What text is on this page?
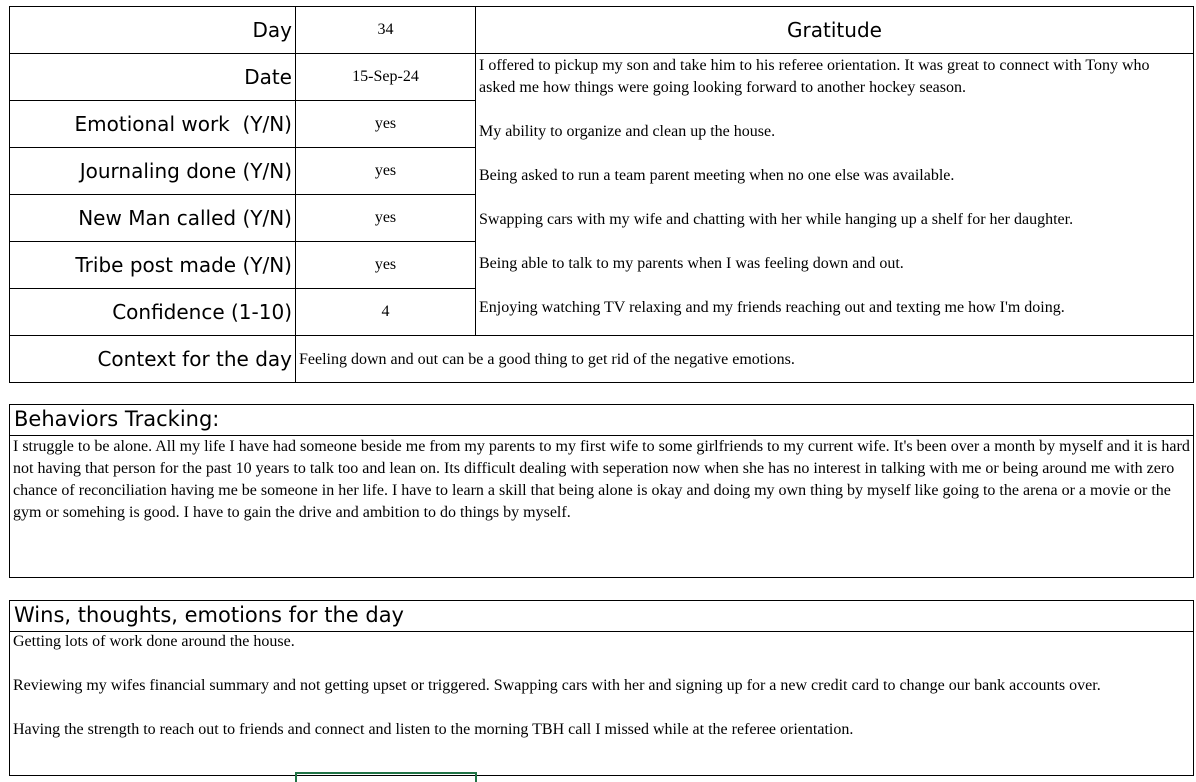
Day	34
Date	15-Sep-24
Emotional work  (Y/N)	yes
Journaling done (Y/N)	yes
New Man called (Y/N)	yes
Tribe post made (Y/N)	yes
Confidence (1-10)	4
Gratitude
I offered to pickup my son and take him to his referee orientation. It was great to connect with Tony who asked me how things were going looking forward to another hockey season.
My ability to organize and clean up the house.
Being asked to run a team parent meeting when no one else was available.
Swapping cars with my wife and chatting with her while hanging up a shelf for her daughter.
Being able to talk to my parents when I was feeling down and out.
Enjoying watching TV relaxing and my friends reaching out and texting me how I'm doing.
Context for the day Feeling down and out can be a good thing to get rid of the negative emotions.
Behaviors Tracking:
I struggle to be alone. All my life I have had someone beside me from my parents to my first wife to some girlfriends to my current wife. It's been over a month by myself and it is hard not having that person for the past 10 years to talk too and lean on. Its difficult dealing with seperation now when she has no interest in talking with me or being around me with zero chance of reconciliation having me be someone in her life. I have to learn a skill that being alone is okay and doing my own thing by myself like going to the arena or a movie or the gym or somehing is good. I have to gain the drive and ambition to do things by myself.
Wins, thoughts, emotions for the day
Getting lots of work done around the house.
Reviewing my wifes financial summary and not getting upset or triggered. Swapping cars with her and signing up for a new credit card to change our bank accounts over.
Having the strength to reach out to friends and connect and listen to the morning TBH call I missed while at the referee orientation.
